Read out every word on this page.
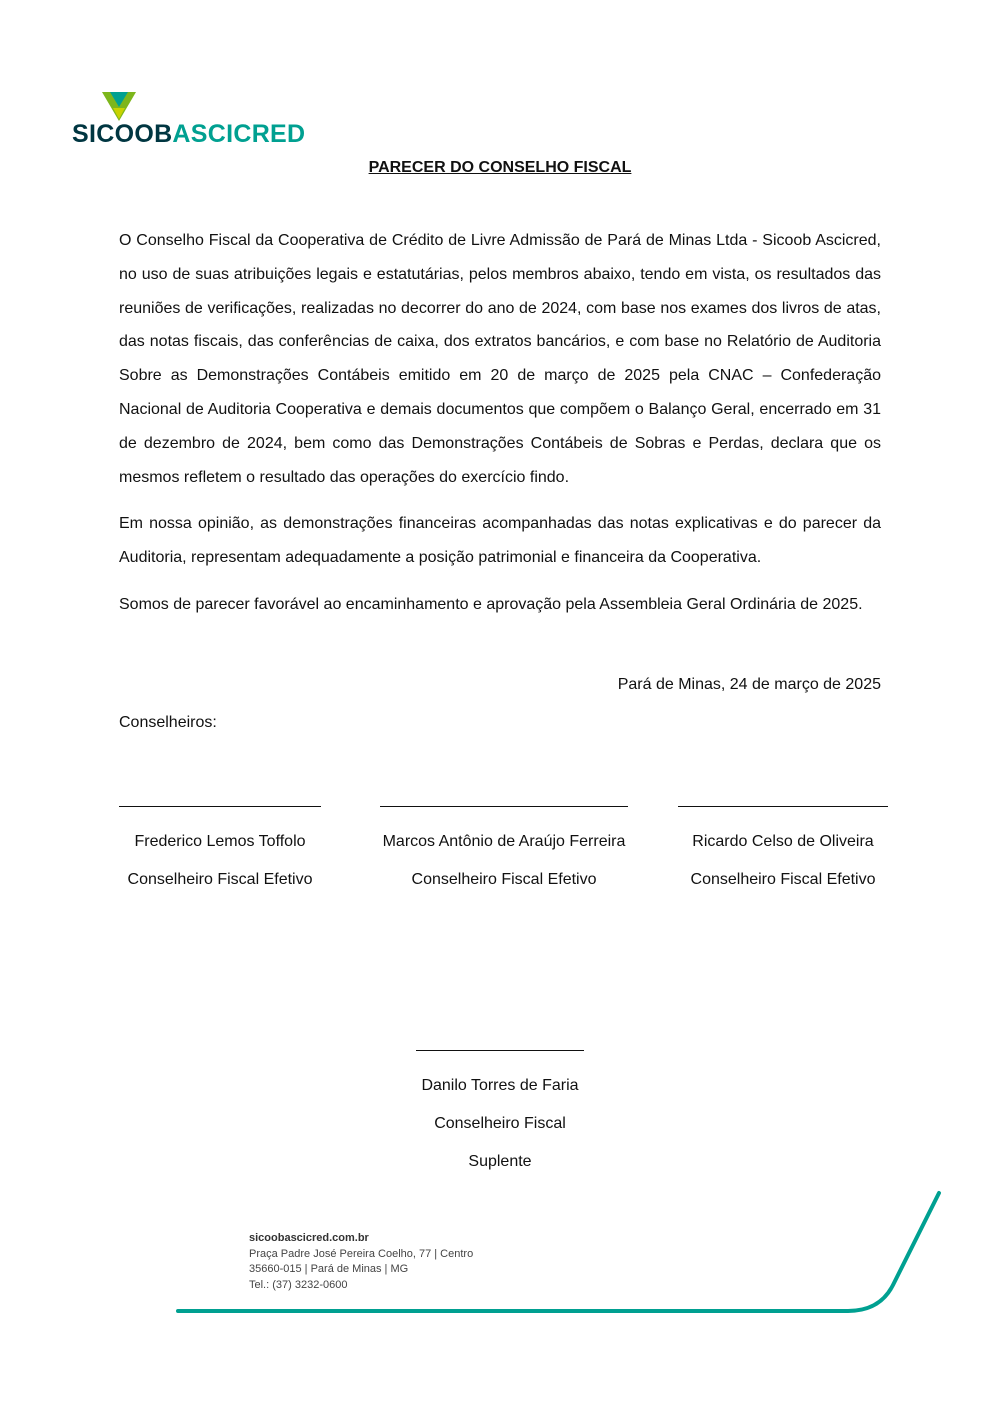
SICOOBASCICRED
PARECER DO CONSELHO FISCAL

O Conselho Fiscal da Cooperativa de Crédito de Livre Admissão de Pará de Minas Ltda - Sicoob Ascicred, no uso de suas atribuições legais e estatutárias, pelos membros abaixo, tendo em vista, os resultados das reuniões de verificações, realizadas no decorrer do ano de 2024, com base nos exames dos livros de atas, das notas fiscais, das conferências de caixa, dos extratos bancários, e com base no Relatório de Auditoria Sobre as Demonstrações Contábeis emitido em 20 de março de 2025 pela CNAC – Confederação Nacional de Auditoria Cooperativa e demais documentos que compõem o Balanço Geral, encerrado em 31 de dezembro de 2024, bem como das Demonstrações Contábeis de Sobras e Perdas, declara que os mesmos refletem o resultado das operações do exercício findo.

Em nossa opinião, as demonstrações financeiras acompanhadas das notas explicativas e do parecer da Auditoria, representam adequadamente a posição patrimonial e financeira da Cooperativa.

Somos de parecer favorável ao encaminhamento e aprovação pela Assembleia Geral Ordinária de 2025.

Pará de Minas, 24 de março de 2025
Conselheiros:
Frederico Lemos Toffolo
Conselheiro Fiscal Efetivo
Marcos Antônio de Araújo Ferreira
Conselheiro Fiscal Efetivo
Ricardo Celso de Oliveira
Conselheiro Fiscal Efetivo
Danilo Torres de Faria
Conselheiro Fiscal
Suplente
sicoobascicred.com.br
Praça Padre José Pereira Coelho, 77 | Centro
35660-015 | Pará de Minas | MG
Tel.: (37) 3232-0600
